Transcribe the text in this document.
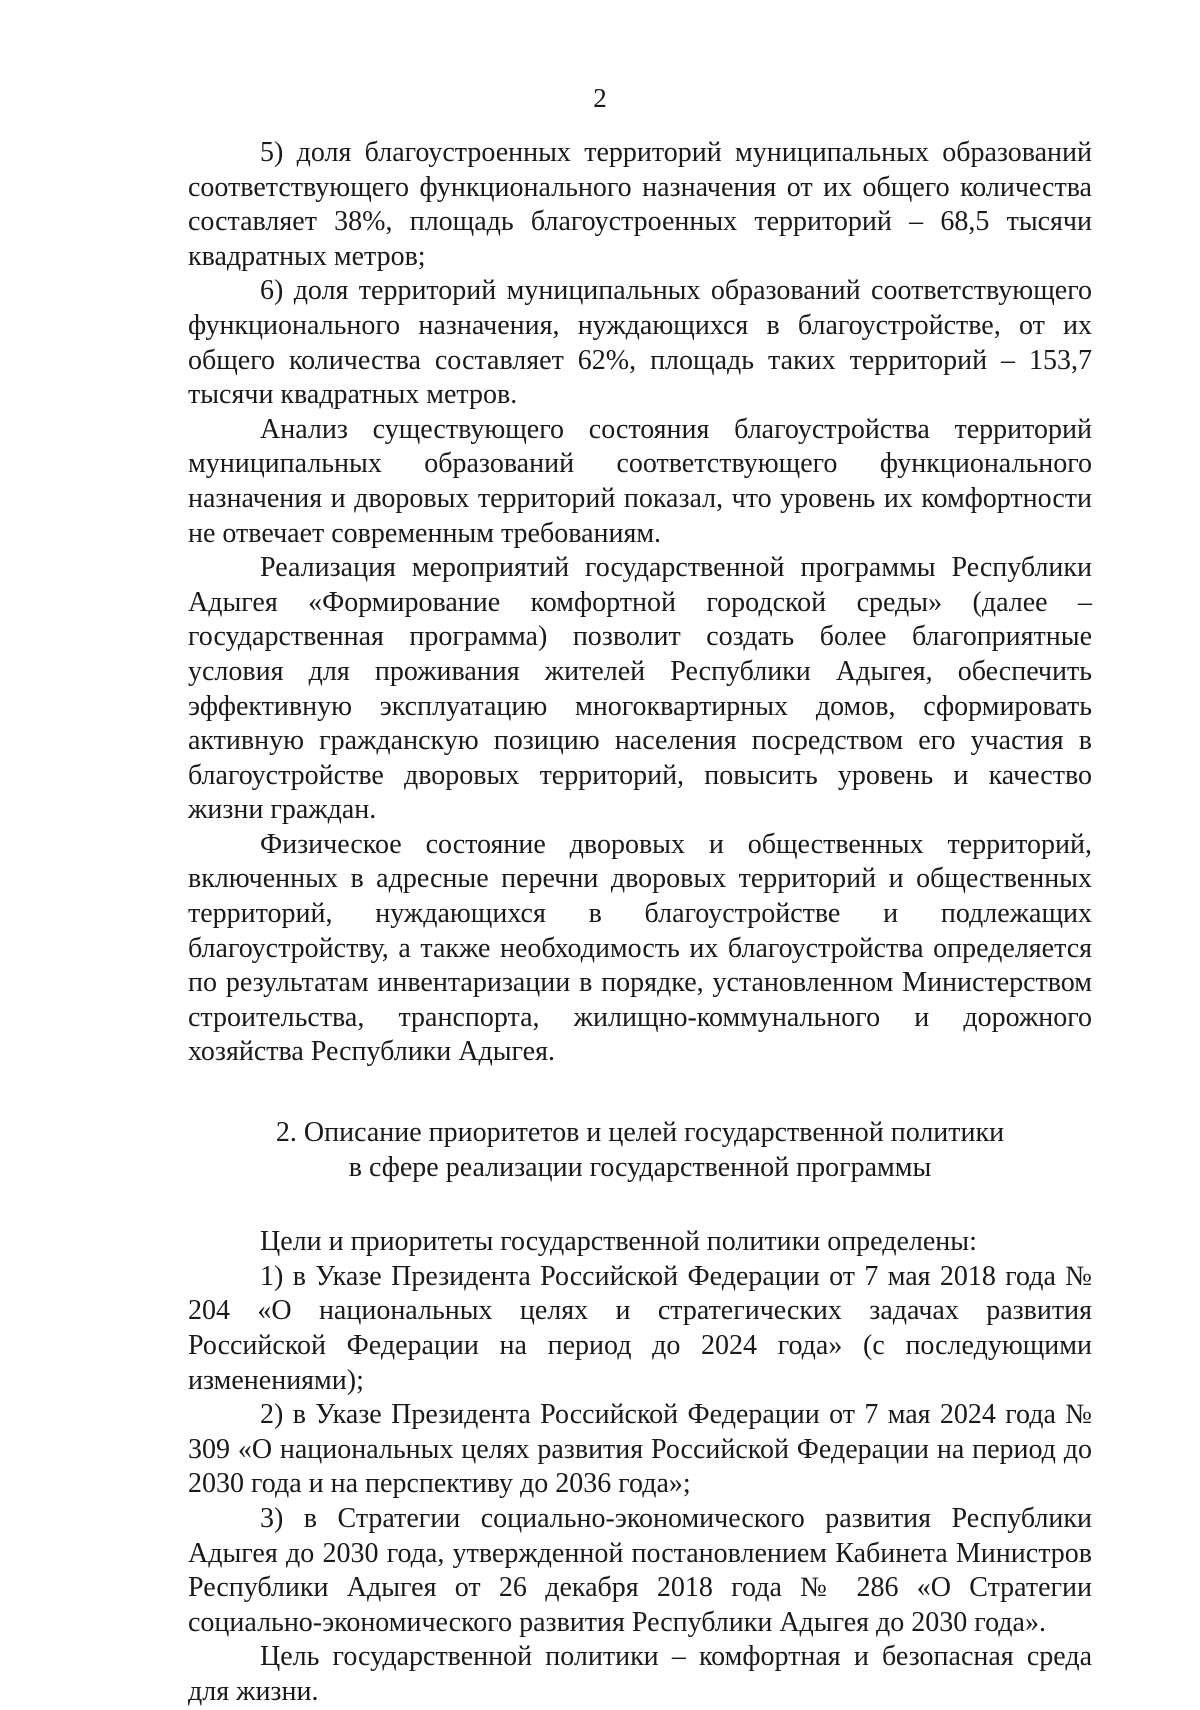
2

5) доля благоустроенных территорий муниципальных образований соответствующего функционального назначения от их общего количества составляет 38%, площадь благоустроенных территорий – 68,5 тысячи квадратных метров;

6) доля территорий муниципальных образований соответствующего функционального назначения, нуждающихся в благоустройстве, от их общего количества составляет 62%, площадь таких территорий – 153,7 тысячи квадратных метров.

Анализ существующего состояния благоустройства территорий муниципальных образований соответствующего функционального назначения и дворовых территорий показал, что уровень их комфортности не отвечает современным требованиям.

Реализация мероприятий государственной программы Республики Адыгея «Формирование комфортной городской среды» (далее – государственная программа) позволит создать более благоприятные условия для проживания жителей Республики Адыгея, обеспечить эффективную эксплуатацию многоквартирных домов, сформировать активную гражданскую позицию населения посредством его участия в благоустройстве дворовых территорий, повысить уровень и качество жизни граждан.

Физическое состояние дворовых и общественных территорий, включенных в адресные перечни дворовых территорий и общественных территорий, нуждающихся в благоустройстве и подлежащих благоустройству, а также необходимость их благоустройства определяется по результатам инвентаризации в порядке, установленном Министерством строительства, транспорта, жилищно-коммунального и дорожного хозяйства Республики Адыгея.

2. Описание приоритетов и целей государственной политики
в сфере реализации государственной программы

Цели и приоритеты государственной политики определены:

1) в Указе Президента Российской Федерации от 7 мая 2018 года № 204 «О национальных целях и стратегических задачах развития Российской Федерации на период до 2024 года» (с последующими изменениями);

2) в Указе Президента Российской Федерации от 7 мая 2024 года № 309 «О национальных целях развития Российской Федерации на период до 2030 года и на перспективу до 2036 года»;

3) в Стратегии социально-экономического развития Республики Адыгея до 2030 года, утвержденной постановлением Кабинета Министров Республики Адыгея от 26 декабря 2018 года № 286 «О Стратегии социально-экономического развития Республики Адыгея до 2030 года».

Цель государственной политики – комфортная и безопасная среда для жизни.
